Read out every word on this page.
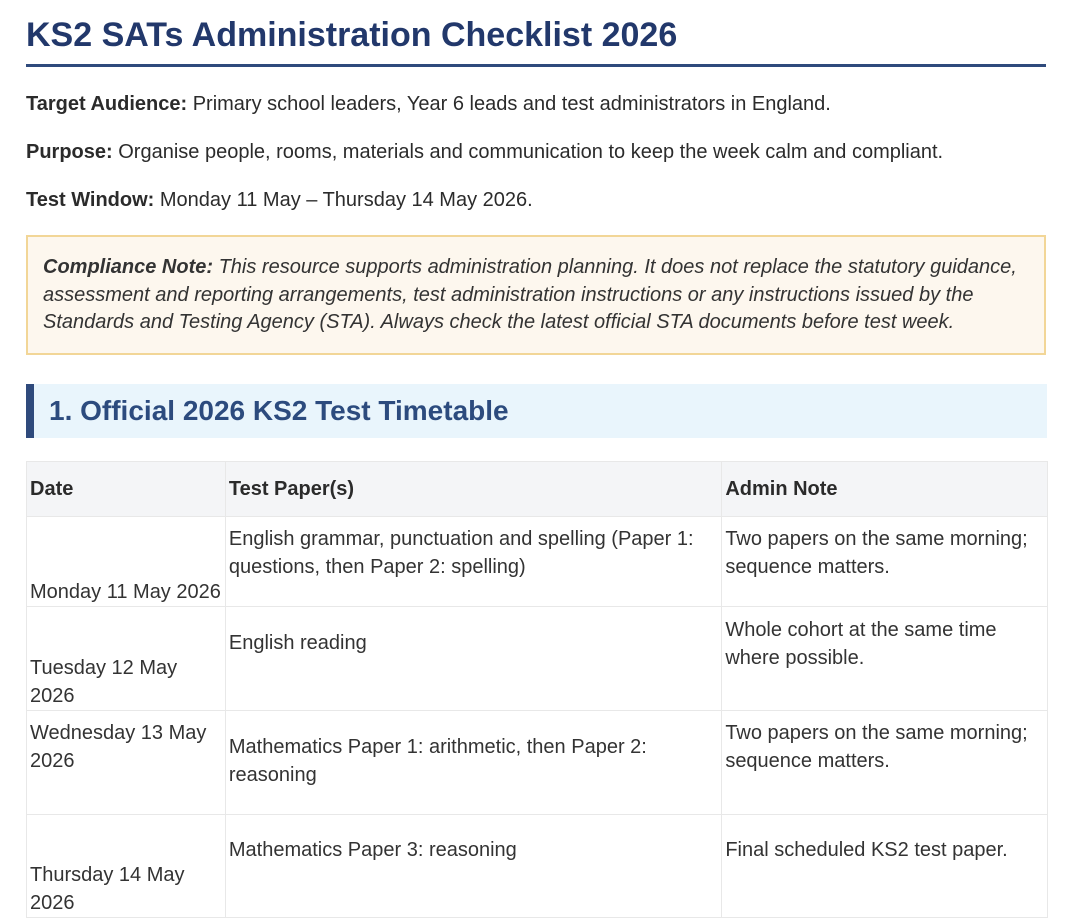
KS2 SATs Administration Checklist 2026

Target Audience: Primary school leaders, Year 6 leads and test administrators in England.

Purpose: Organise people, rooms, materials and communication to keep the week calm and compliant.

Test Window: Monday 11 May – Thursday 14 May 2026.

Compliance Note: This resource supports administration planning. It does not replace the statutory guidance, assessment and reporting arrangements, test administration instructions or any instructions issued by the Standards and Testing Agency (STA). Always check the latest official STA documents before test week.
1. Official 2026 KS2 Test Timetable
Date	Test Paper(s)	Admin Note
Monday 11 May 2026	English grammar, punctuation and spelling (Paper 1: questions, then Paper 2: spelling)	Two papers on the same morning; sequence matters.
Tuesday 12 May 2026	English reading	Whole cohort at the same time where possible.
Wednesday 13 May 2026	Mathematics Paper 1: arithmetic, then Paper 2: reasoning	Two papers on the same morning; sequence matters.
Thursday 14 May 2026	Mathematics Paper 3: reasoning	Final scheduled KS2 test paper.
